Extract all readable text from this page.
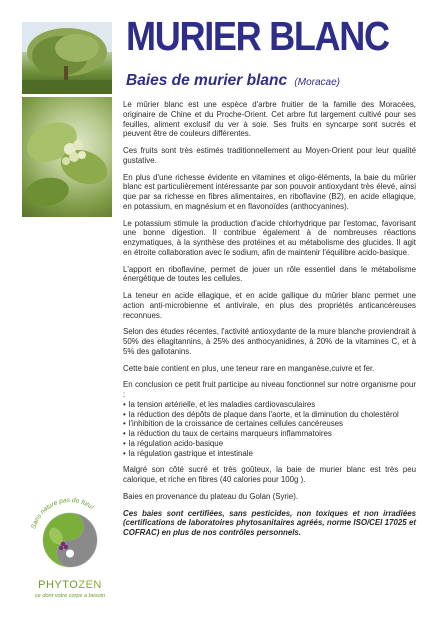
MURIER BLANC
Baies de murier blanc (Moracae)

Le mûrier blanc est une espèce d'arbre fruitier de la famille des Moracées, originaire de Chine et du Proche-Orient. Cet arbre fut largement cultivé pour ses feuilles, aliment exclusif du ver à soie. Ses fruits en syncarpe sont sucrés et peuvent être de couleurs différentes.

Ces fruits sont très estimés traditionnellement au Moyen-Orient pour leur qualité gustative.

En plus d'une richesse évidente en vitamines et oligo-éléments, la baie du mûrier blanc est particulièrement intéressante par son pouvoir antioxydant très élevé, ainsi que par sa richesse en fibres alimentaires, en riboflavine (B2), en acide ellagique, en potassium, en magnésium et en flavonoïdes (anthocyanines).

Le potassium stimule la production d'acide chlorhydrique par l'estomac, favorisant une bonne digestion. Il contribue également à de nombreuses réactions enzymatiques, à la synthèse des protéines et au métabolisme des glucides. Il agit en étroite collaboration avec le sodium, afin de maintenir l'équilibre acido-basique.

L'apport en riboflavine, permet de jouer un rôle essentiel dans le métabolisme énergétique de toutes les cellules.

La teneur en acide ellagique, et en acide gallique du mûrier blanc permet une action anti-microbienne et antivirale, en plus des propriétés anticancéreuses reconnues.

Selon des études récentes, l'activité antioxydante de la mure blanche proviendrait à 50% des ellagitannins, à 25% des anthocyanidines, à 20% de la vitamines C, et à 5% des gallotanins.

Cette baie contient en plus, une teneur rare en manganèse,cuivre et fer.

En conclusion ce petit fruit participe au niveau fonctionnel sur notre organisme pour :

• la tension artérielle, et les maladies cardiovasculaires
• la réduction des dépôts de plaque dans l'aorte, et la diminution du cholestérol
• l'inhibition de la croissance de certaines cellules cancéreuses
• la réduction du taux de certains marqueurs inflammatoires
• la régulation acido-basique
• la régulation gastrique et intestinale

Malgré son côté sucré et très goûteux, la baie de murier blanc est très peu calorique, et riche en fibres (40 calories pour 100g ).

Baies en provenance du plateau du Golan (Syrie).

Ces baies sont certifiées, sans pesticides, non toxiques et non irradiées (certifications de laboratoires phytosanitaires agréés, norme ISO/CEI 17025 et COFRAC) en plus de nos contrôles personnels.

Sans nature pas de futur
PHYTOZEN
ce dont votre corps a besoin
